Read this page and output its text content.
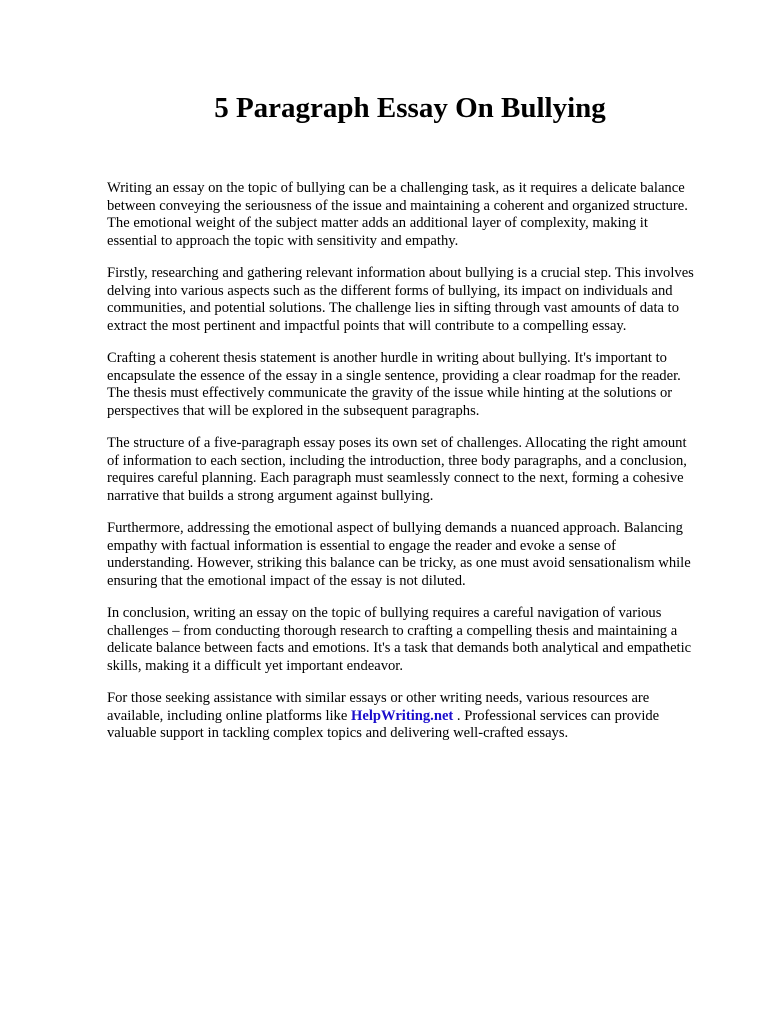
5 Paragraph Essay On Bullying

Writing an essay on the topic of bullying can be a challenging task, as it requires a delicate balance
between conveying the seriousness of the issue and maintaining a coherent and organized structure.
The emotional weight of the subject matter adds an additional layer of complexity, making it
essential to approach the topic with sensitivity and empathy.

Firstly, researching and gathering relevant information about bullying is a crucial step. This involves
delving into various aspects such as the different forms of bullying, its impact on individuals and
communities, and potential solutions. The challenge lies in sifting through vast amounts of data to
extract the most pertinent and impactful points that will contribute to a compelling essay.

Crafting a coherent thesis statement is another hurdle in writing about bullying. It's important to
encapsulate the essence of the essay in a single sentence, providing a clear roadmap for the reader.
The thesis must effectively communicate the gravity of the issue while hinting at the solutions or
perspectives that will be explored in the subsequent paragraphs.

The structure of a five-paragraph essay poses its own set of challenges. Allocating the right amount
of information to each section, including the introduction, three body paragraphs, and a conclusion,
requires careful planning. Each paragraph must seamlessly connect to the next, forming a cohesive
narrative that builds a strong argument against bullying.

Furthermore, addressing the emotional aspect of bullying demands a nuanced approach. Balancing
empathy with factual information is essential to engage the reader and evoke a sense of
understanding. However, striking this balance can be tricky, as one must avoid sensationalism while
ensuring that the emotional impact of the essay is not diluted.

In conclusion, writing an essay on the topic of bullying requires a careful navigation of various
challenges – from conducting thorough research to crafting a compelling thesis and maintaining a
delicate balance between facts and emotions. It's a task that demands both analytical and empathetic
skills, making it a difficult yet important endeavor.

For those seeking assistance with similar essays or other writing needs, various resources are
available, including online platforms like HelpWriting.net . Professional services can provide
valuable support in tackling complex topics and delivering well-crafted essays.
